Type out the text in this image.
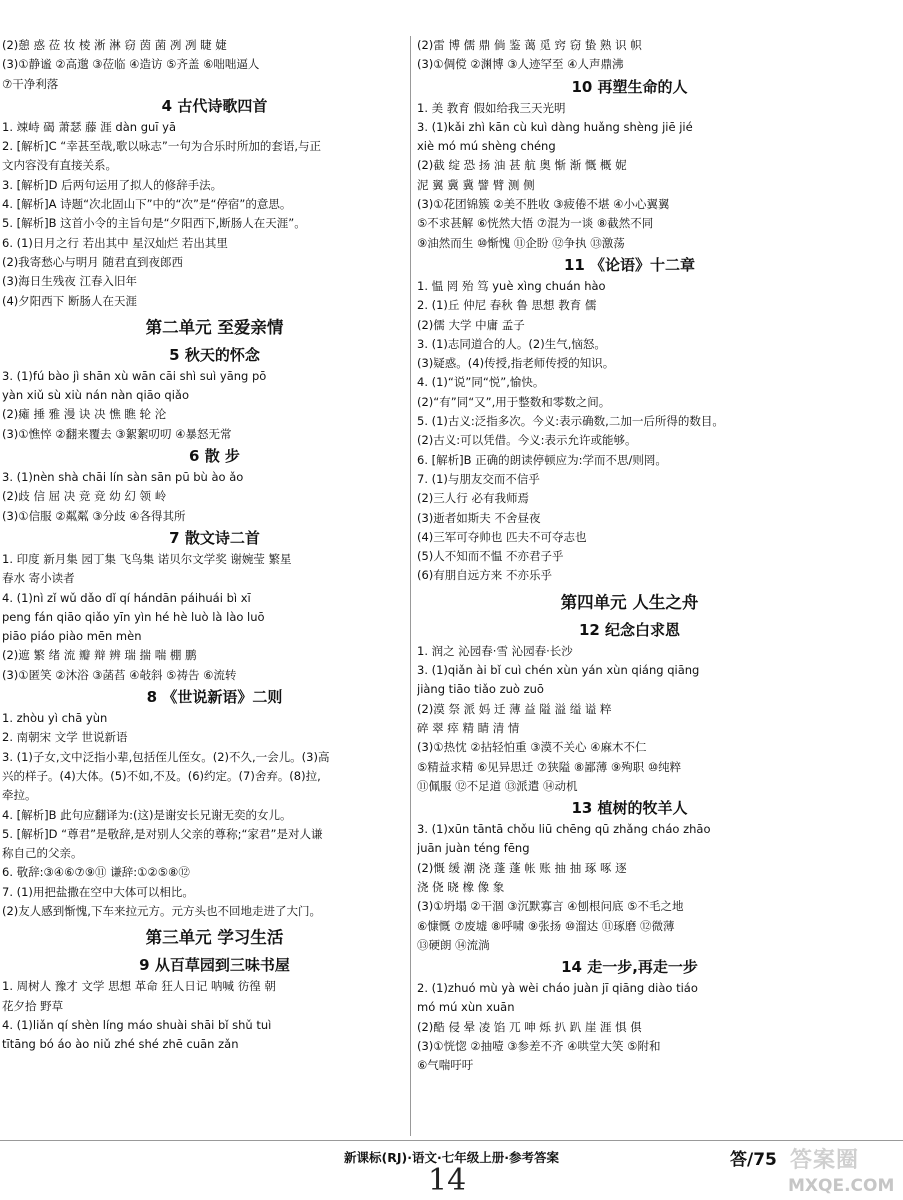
(2)憩 惑 莅 妆 棱 淅 淋 窃 茵 菌 冽 冽 睫 婕
(3)①静谧 ②高邈 ③莅临 ④造访 ⑤齐盖 ⑥咄咄逼人
⑦干净利落
4 古代诗歌四首
1. 竦峙 碣 萧瑟 藤 涯 dàn guī yā
2. [解析]C “幸甚至哉,歌以咏志”一句为合乐时所加的套语,与正
文内容没有直接关系。
3. [解析]D 后两句运用了拟人的修辞手法。
4. [解析]A 诗题“次北固山下”中的“次”是“停宿”的意思。
5. [解析]B 这首小令的主旨句是“夕阳西下,断肠人在天涯”。
6. (1)日月之行 若出其中 星汉灿烂 若出其里
(2)我寄愁心与明月 随君直到夜郎西
(3)海日生残夜 江春入旧年
(4)夕阳西下 断肠人在天涯
第二单元 至爱亲情
5 秋天的怀念
3. (1)fú bào jì shān xù wān cāi shì suì yāng pō
yàn xiǔ sù xiù nán nàn qiāo qiǎo
(2)瘫 捶 雅 漫 诀 决 憔 瞧 轮 沦
(3)①憔悴 ②翻来覆去 ③絮絮叨叨 ④暴怒无常
6 散 步
3. (1)nèn shà chāi lín sàn sān pū bù ào ǎo
(2)歧 信 屈 决 竞 竞 幼 幻 领 岭
(3)①信服 ②粼粼 ③分歧 ④各得其所
7 散文诗二首
1. 印度 新月集 园丁集 飞鸟集 诺贝尔文学奖 谢婉莹 繁星
春水 寄小读者
4. (1)nì zǐ wǔ dǎo dǐ qí hándān páihuái bì xī
peng fán qiāo qiǎo yīn yìn hé hè luò là lào luō
piāo piáo piào mēn mèn
(2)遮 繁 绪 流 瓣 辩 辨 瑞 揣 喘 棚 鹏
(3)①匿笑 ②沐浴 ③菡萏 ④敧斜 ⑤祷告 ⑥流转
8 《世说新语》二则
1. zhòu yì chā yùn
2. 南朝宋 文学 世说新语
3. (1)子女,文中泛指小辈,包括侄儿侄女。(2)不久,一会儿。(3)高
兴的样子。(4)大体。(5)不如,不及。(6)约定。(7)舍弃。(8)拉,
牵拉。
4. [解析]B 此句应翻译为:(这)是谢安长兄谢无奕的女儿。
5. [解析]D “尊君”是敬辞,是对别人父亲的尊称;“家君”是对人谦
称自己的父亲。
6. 敬辞:③④⑥⑦⑨⑪ 谦辞:①②⑤⑧⑫
7. (1)用把盐撒在空中大体可以相比。
(2)友人感到惭愧,下车来拉元方。元方头也不回地走进了大门。
第三单元 学习生活
9 从百草园到三味书屋
1. 周树人 豫才 文学 思想 革命 狂人日记 呐喊 彷徨 朝
花夕拾 野草
4. (1)liǎn qí shèn líng máo shuài shāi bǐ shǔ tuì
tītāng bó áo ào niǔ zhé shé zhē cuān zǎn
(2)雷 博 儒 鼎 倘 鉴 蔼 觅 窍 窃 蛰 熟 识 帜
(3)①倜傥 ②渊博 ③人迹罕至 ④人声鼎沸
10 再塑生命的人
1. 美 教育 假如给我三天光明
3. (1)kǎi zhì kān cù kuì dàng huǎng shèng jiē jié
xiè mó mú shèng chéng
(2)截 绽 恐 扬 油 甚 航 奥 惭 渐 慨 概 妮
泥 翼 冀 冀 譬 臂 测 侧
(3)①花团锦簇 ②美不胜收 ③疲倦不堪 ④小心翼翼
⑤不求甚解 ⑥恍然大悟 ⑦混为一谈 ⑧截然不同
⑨油然而生 ⑩惭愧 ⑪企盼 ⑫争执 ⑬激荡
11 《论语》十二章
1. 愠 罔 殆 笃 yuè xìng chuán hào
2. (1)丘 仲尼 春秋 鲁 思想 教育 儒
(2)儒 大学 中庸 孟子
3. (1)志同道合的人。(2)生气,恼怒。
(3)疑惑。(4)传授,指老师传授的知识。
4. (1)“说”同“悦”,愉快。
(2)“有”同“又”,用于整数和零数之间。
5. (1)古义:泛指多次。今义:表示确数,二加一后所得的数目。
(2)古义:可以凭借。今义:表示允许或能够。
6. [解析]B 正确的朗读停顿应为:学而不思/则罔。
7. (1)与朋友交而不信乎
(2)三人行 必有我师焉
(3)逝者如斯夫 不舍昼夜
(4)三军可夺帅也 匹夫不可夺志也
(5)人不知而不愠 不亦君子乎
(6)有朋自远方来 不亦乐乎
第四单元 人生之舟
12 纪念白求恩
1. 润之 沁园春·雪 沁园春·长沙
3. (1)qiǎn ài bǐ cuì chén xùn yán xùn qiáng qiāng
jiàng tiāo tiǎo zuò zuō
(2)漠 祭 派 妈 迁 薄 益 隘 溢 缢 谥 粹
碎 翠 瘁 精 睛 清 情
(3)①热忱 ②拈轻怕重 ③漠不关心 ④麻木不仁
⑤精益求精 ⑥见异思迁 ⑦狭隘 ⑧鄙薄 ⑨殉职 ⑩纯粹
⑪佩服 ⑫不足道 ⑬派遣 ⑭动机
13 植树的牧羊人
3. (1)xūn tāntā chǒu liū chēng qū zhǎng cháo zhāo
juān juàn téng fēng
(2)慨 缓 潮 浇 蓬 蓬 帐 账 抽 抽 琢 啄 逐
浇 侥 晓 橡 像 象
(3)①坍塌 ②干涸 ③沉默寡言 ④刨根问底 ⑤不毛之地
⑥慷慨 ⑦废墟 ⑧呼啸 ⑨张扬 ⑩溜达 ⑪琢磨 ⑫微薄
⑬硬朗 ⑭流淌
14 走一步,再走一步
2. (1)zhuó mù yà wèi cháo juàn jī qiāng diào tiáo
mó mú xùn xuān
(2)酷 侵 晕 凌 馅 兀 呻 烁 扒 趴 崖 涯 惧 俱
(3)①恍惚 ②抽噎 ③参差不齐 ④哄堂大笑 ⑤附和
⑥气喘吁吁
新课标(RJ)·语文·七年级上册·参考答案	答/75 答案圈
14	MXQE.COM
